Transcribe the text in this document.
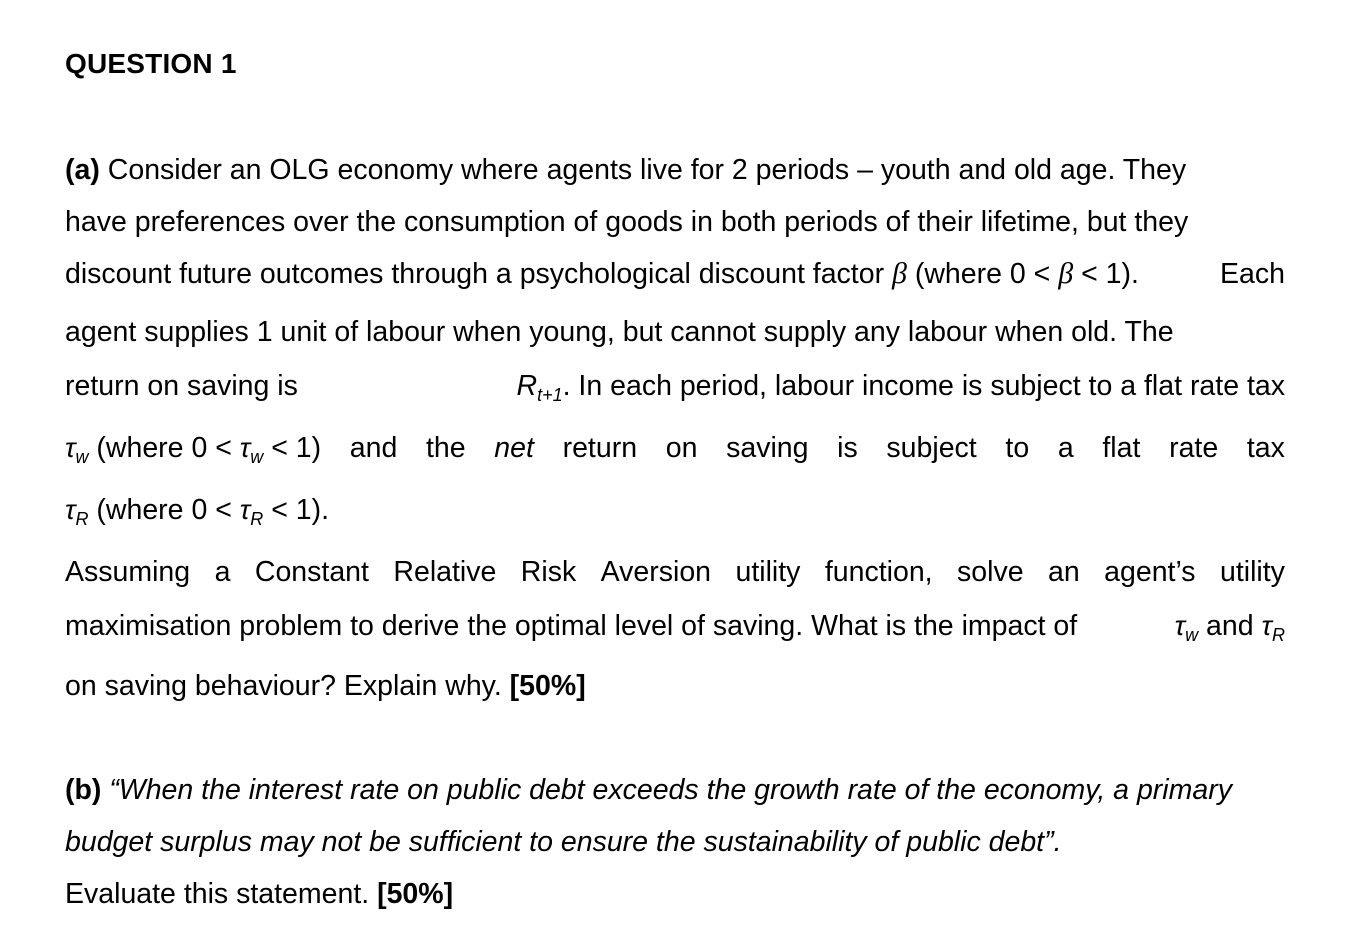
QUESTION 1
(a) Consider an OLG economy where agents live for 2 periods – youth and old age. They
have preferences over the consumption of goods in both periods of their lifetime, but they
discount future outcomes through a psychological discount factor β (where 0 < β < 1).	Each
agent supplies 1 unit of labour when young, but cannot supply any labour when old. The
return on saving is	$R_{t+1}$. In each period, labour income is subject to a flat rate tax
$\tau_w$ (where $0 < \tau_w < 1$) and the net return on saving is subject to a flat rate tax
$\tau_R$ (where $0 < \tau_R < 1$).
Assuming a Constant Relative Risk Aversion utility function, solve an agent’s utility
maximisation problem to derive the optimal level of saving. What is the impact of	$\tau_w$ and $\tau_R$
on saving behaviour? Explain why. [50%]
(b) “When the interest rate on public debt exceeds the growth rate of the economy, a primary
budget surplus may not be sufficient to ensure the sustainability of public debt”.
Evaluate this statement. [50%]
